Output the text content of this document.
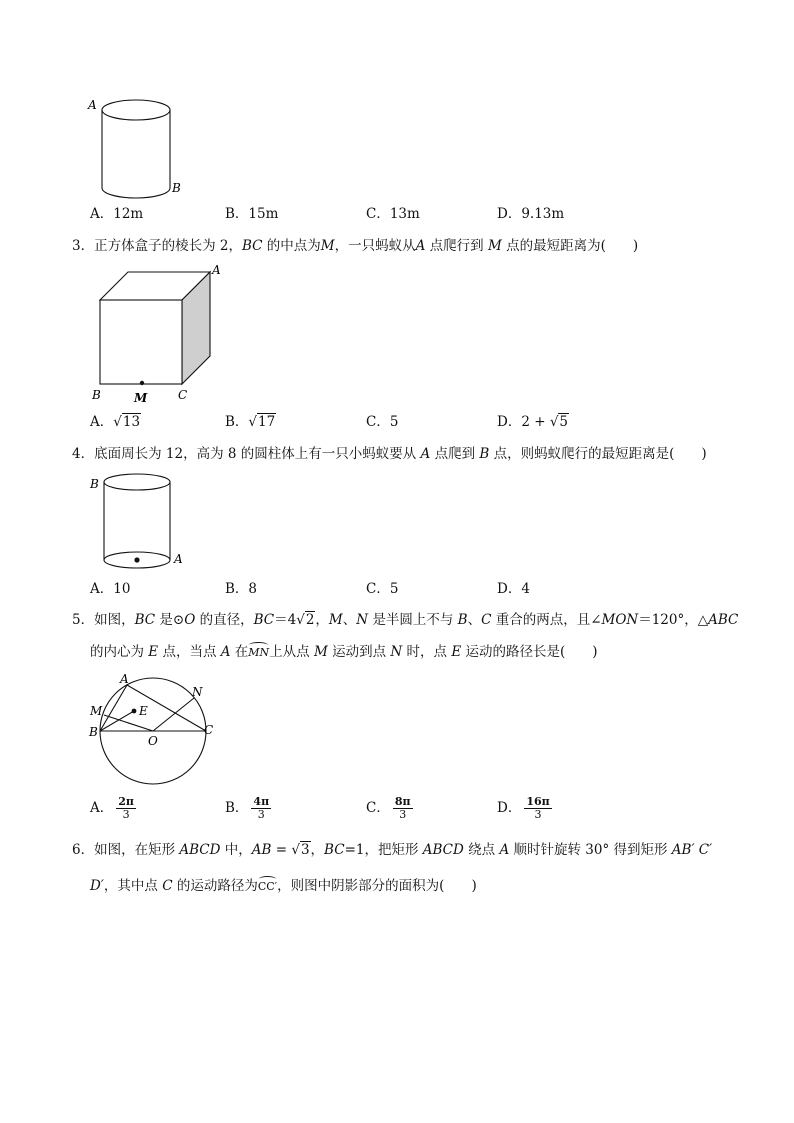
A
B
A．12m	B．15m	C．13m	D．9.13m
3．正方体盒子的棱长为 2，BC 的中点为M，一只蚂蚁从A 点爬行到 M 点的最短距离为(　　)
A
B	M	C
A．√13	B．√17	C．5	D．2 + √5
4．底面周长为 12，高为 8 的圆柱体上有一只小蚂蚁要从 A 点爬到 B 点，则蚂蚁爬行的最短距离是(　　)
B
A
A．10	B．8	C．5	D．4
5．如图，BC 是⊙O 的直径，BC＝4√2，M、N 是半圆上不与 B、C 重合的两点，且∠MON＝120°，△ABC
的内心为 E 点，当点 A 在MN上从点 M 运动到点 N 时，点 E 运动的路径长是(　　)
A
N
M	E
B
O
C
A． $\frac{2\pi}{3}$	B． $\frac{4\pi}{3}$	C． $\frac{8\pi}{3}$	D． $\frac{16\pi}{3}$
6．如图，在矩形 ABCD 中，AB = √3，BC=1，把矩形 ABCD 绕点 A 顺时针旋转 30° 得到矩形 AB′ C′
D′，其中点 C 的运动路径为CC′，则图中阴影部分的面积为(　　)
